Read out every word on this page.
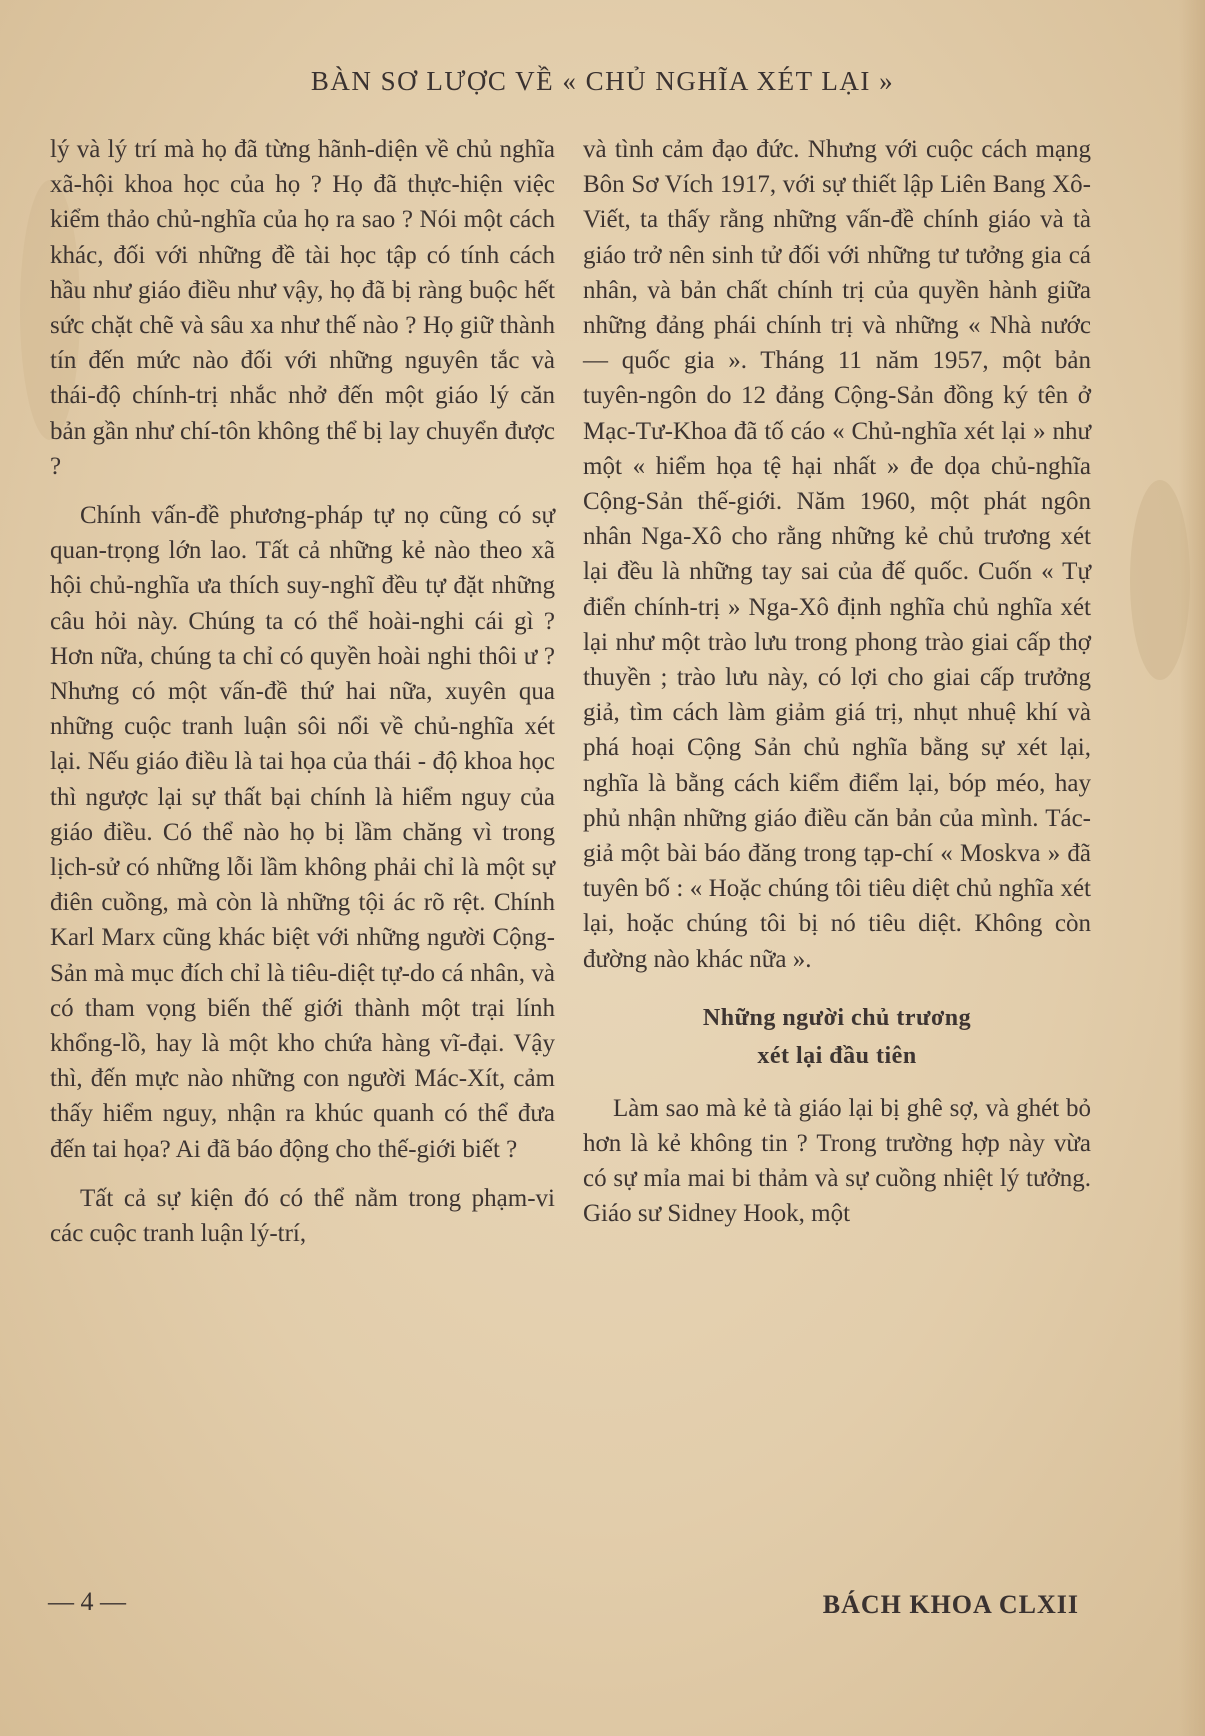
BÀN SƠ LƯỢC VỀ « CHỦ NGHĨA XÉT LẠI »

lý và lý trí mà họ đã từng hãnh-diện về chủ nghĩa xã-hội khoa học của họ ? Họ đã thực-hiện việc kiểm thảo chủ-nghĩa của họ ra sao ? Nói một cách khác, đối với những đề tài học tập có tính cách hầu như giáo điều như vậy, họ đã bị ràng buộc hết sức chặt chẽ và sâu xa như thế nào ? Họ giữ thành tín đến mức nào đối với những nguyên tắc và thái-độ chính-trị nhắc nhở đến một giáo lý căn bản gần như chí-tôn không thể bị lay chuyển được ?

Chính vấn-đề phương-pháp tự nọ cũng có sự quan-trọng lớn lao. Tất cả những kẻ nào theo xã hội chủ-nghĩa ưa thích suy-nghĩ đều tự đặt những câu hỏi này. Chúng ta có thể hoài-nghi cái gì ? Hơn nữa, chúng ta chỉ có quyền hoài nghi thôi ư ? Nhưng có một vấn-đề thứ hai nữa, xuyên qua những cuộc tranh luận sôi nổi về chủ-nghĩa xét lại. Nếu giáo điều là tai họa của thái - độ khoa học thì ngược lại sự thất bại chính là hiểm nguy của giáo điều. Có thể nào họ bị lầm chăng vì trong lịch-sử có những lỗi lầm không phải chỉ là một sự điên cuồng, mà còn là những tội ác rõ rệt. Chính Karl Marx cũng khác biệt với những người Cộng-Sản mà mục đích chỉ là tiêu-diệt tự-do cá nhân, và có tham vọng biến thế giới thành một trại lính khổng-lồ, hay là một kho chứa hàng vĩ-đại. Vậy thì, đến mực nào những con người Mác-Xít, cảm thấy hiểm nguy, nhận ra khúc quanh có thể đưa đến tai họa? Ai đã báo động cho thế-giới biết ?

Tất cả sự kiện đó có thể nằm trong phạm-vi các cuộc tranh luận lý-trí,

và tình cảm đạo đức. Nhưng với cuộc cách mạng Bôn Sơ Vích 1917, với sự thiết lập Liên Bang Xô-Viết, ta thấy rằng những vấn-đề chính giáo và tà giáo trở nên sinh tử đối với những tư tưởng gia cá nhân, và bản chất chính trị của quyền hành giữa những đảng phái chính trị và những « Nhà nước — quốc gia ». Tháng 11 năm 1957, một bản tuyên-ngôn do 12 đảng Cộng-Sản đồng ký tên ở Mạc-Tư-Khoa đã tố cáo « Chủ-nghĩa xét lại » như một « hiểm họa tệ hại nhất » đe dọa chủ-nghĩa Cộng-Sản thế-giới. Năm 1960, một phát ngôn nhân Nga-Xô cho rằng những kẻ chủ trương xét lại đều là những tay sai của đế quốc. Cuốn « Tự điển chính-trị » Nga-Xô định nghĩa chủ nghĩa xét lại như một trào lưu trong phong trào giai cấp thợ thuyền ; trào lưu này, có lợi cho giai cấp trưởng giả, tìm cách làm giảm giá trị, nhụt nhuệ khí và phá hoại Cộng Sản chủ nghĩa bằng sự xét lại, nghĩa là bằng cách kiểm điểm lại, bóp méo, hay phủ nhận những giáo điều căn bản của mình. Tác-giả một bài báo đăng trong tạp-chí « Moskva » đã tuyên bố : « Hoặc chúng tôi tiêu diệt chủ nghĩa xét lại, hoặc chúng tôi bị nó tiêu diệt. Không còn đường nào khác nữa ».

Những người chủ trương
xét lại đầu tiên

Làm sao mà kẻ tà giáo lại bị ghê sợ, và ghét bỏ hơn là kẻ không tin ? Trong trường hợp này vừa có sự mỉa mai bi thảm và sự cuồng nhiệt lý tưởng. Giáo sư Sidney Hook, một

— 4 —	BÁCH KHOA CLXII
